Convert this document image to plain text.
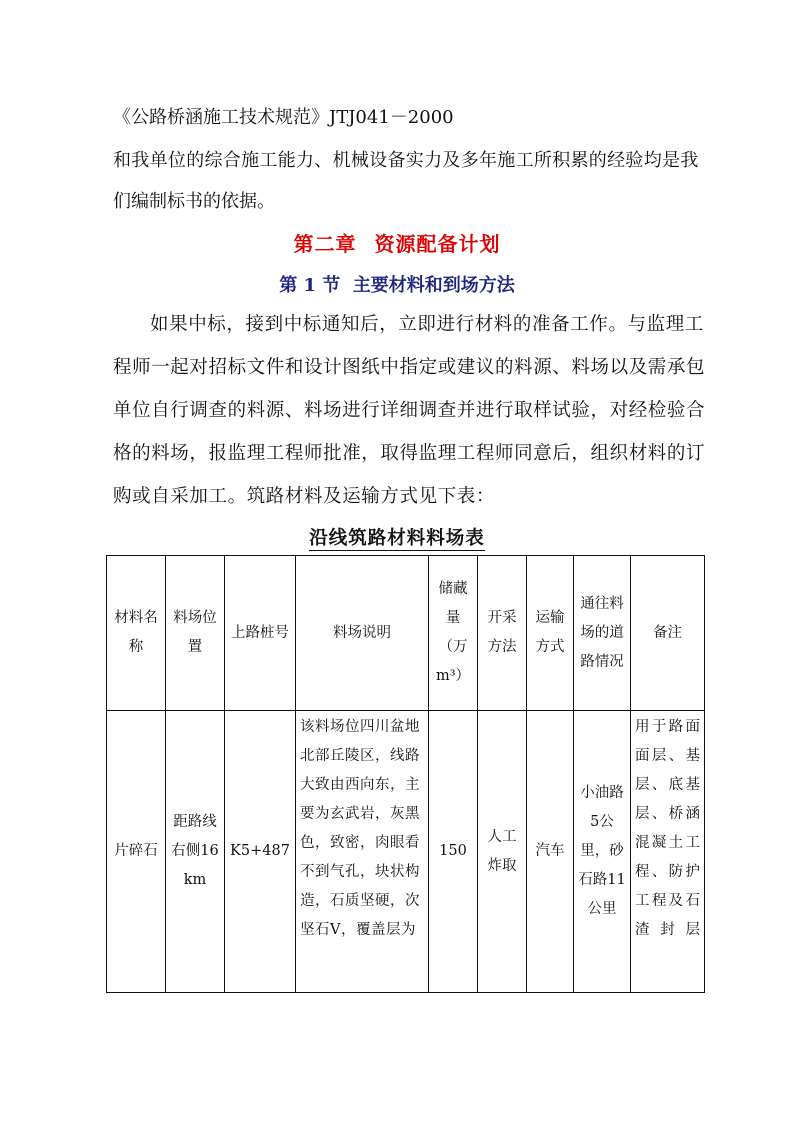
《公路桥涵施工技术规范》JTJ041－2000
和我单位的综合施工能力、机械设备实力及多年施工所积累的经验均是我
们编制标书的依据。
第二章 资源配备计划
第 1 节 主要材料和到场方法
如果中标，接到中标通知后，立即进行材料的准备工作。与监理工
程师一起对招标文件和设计图纸中指定或建议的料源、料场以及需承包
单位自行调查的料源、料场进行详细调查并进行取样试验，对经检验合
格的料场，报监理工程师批准，取得监理工程师同意后，组织材料的订
购或自采加工。筑路材料及运输方式见下表：
沿线筑路材料料场表
材料名称	料场位置	上路桩号	料场说明	储藏量（万m³）	开采方法	运输方式	通往料场的道路情况	备注
片碎石	距路线右侧16km	K5+487	该料场位四川盆地北部丘陵区，线路大致由西向东，主要为玄武岩，灰黑色，致密，肉眼看不到气孔，块状构造，石质坚硬，次坚石Ⅴ，覆盖层为	150	人工炸取	汽车	小油路5公里，砂石路11公里	用于路面面层、基层、底基层、桥涵混凝土工程、防护工程及石渣封层
